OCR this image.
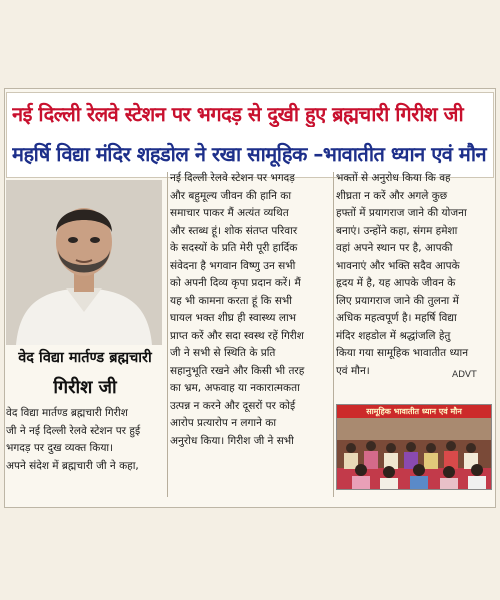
नई दिल्ली रेलवे स्टेशन पर भगदड़ से दुखी हुए ब्रह्मचारी गिरीश जी
महर्षि विद्या मंदिर शहडोल ने रखा सामूहिक –भावातीत ध्यान एवं मौन
वेद विद्या मार्तण्ड ब्रह्मचारी
गिरीश जी
वेद विद्या मार्तण्ड ब्रह्मचारी गिरीश
जी ने नई दिल्ली रेलवे स्टेशन पर हुई
भगदड़ पर दुख व्यक्त किया।
अपने संदेश में ब्रह्मचारी जी ने कहा,
नई दिल्ली रेलवे स्टेशन पर भगदड़
और बहुमूल्य जीवन की हानि का
समाचार पाकर मैं अत्यंत व्यथित
और स्तब्ध हूं। शोक संतप्त परिवार
के सदस्यों के प्रति मेरी पूरी हार्दिक
संवेदना है भगवान विष्णु उन सभी
को अपनी दिव्य कृपा प्रदान करें। मैं
यह भी कामना करता हूं कि सभी
घायल भक्त शीघ्र ही स्वास्थ्य लाभ
प्राप्त करें और सदा स्वस्थ रहें गिरीश
जी ने सभी से स्थिति के प्रति
सहानुभूति रखने और किसी भी तरह
का भ्रम, अफवाह या नकारात्मकता
उत्पन्न न करने और दूसरों पर कोई
आरोप प्रत्यारोप न लगाने का
अनुरोध किया। गिरीश जी ने सभी
भक्तों से अनुरोध किया कि वह
शीघ्रता न करें और अगले कुछ
हफ्तों में प्रयागराज जाने की योजना
बनाएं। उन्होंने कहा, संगम हमेशा
वहां अपने स्थान पर है, आपकी
भावनाएं और भक्ति सदैव आपके
हृदय में है, यह आपके जीवन के
लिए प्रयागराज जाने की तुलना में
अधिक महत्वपूर्ण है। महर्षि विद्या
मंदिर शहडोल में श्रद्धांजलि हेतु
किया गया सामूहिक भावातीत ध्यान
एवं मौन।	ADVT
सामूहिक भावातीत ध्यान एवं मौन
